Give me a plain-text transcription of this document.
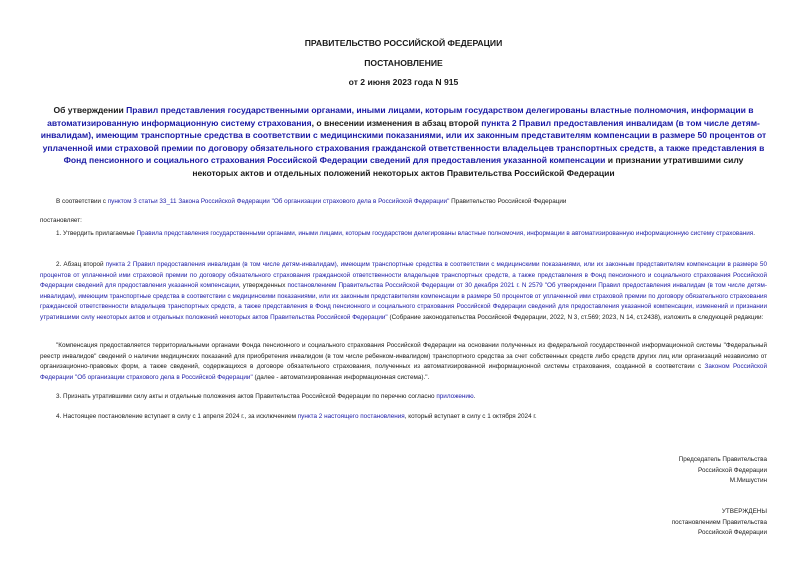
ПРАВИТЕЛЬСТВО РОССИЙСКОЙ ФЕДЕРАЦИИ
ПОСТАНОВЛЕНИЕ
от 2 июня 2023 года N 915
Об утверждении Правил представления государственными органами, иными лицами, которым государством делегированы властные полномочия, информации в автоматизированную информационную систему страхования, о внесении изменения в абзац второй пункта 2 Правил предоставления инвалидам (в том числе детям-инвалидам), имеющим транспортные средства в соответствии с медицинскими показаниями, или их законным представителям компенсации в размере 50 процентов от уплаченной ими страховой премии по договору обязательного страхования гражданской ответственности владельцев транспортных средств, а также представления в Фонд пенсионного и социального страхования Российской Федерации сведений для предоставления указанной компенсации и признании утратившими силу некоторых актов и отдельных положений некоторых актов Правительства Российской Федерации
В соответствии с пунктом 3 статьи 33_11 Закона Российской Федерации "Об организации страхового дела в Российской Федерации" Правительство Российской Федерации
постановляет:
1. Утвердить прилагаемые Правила представления государственными органами, иными лицами, которым государством делегированы властные полномочия, информации в автоматизированную информационную систему страхования.
2. Абзац второй пункта 2 Правил предоставления инвалидам (в том числе детям-инвалидам), имеющим транспортные средства в соответствии с медицинскими показаниями, или их законным представителям компенсации в размере 50 процентов от уплаченной ими страховой премии по договору обязательного страхования гражданской ответственности владельцев транспортных средств, а также представления в Фонд пенсионного и социального страхования Российской Федерации сведений для предоставления указанной компенсации, утвержденных постановлением Правительства Российской Федерации от 30 декабря 2021 г. N 2579 "Об утверждении Правил предоставления инвалидам (в том числе детям-инвалидам), имеющим транспортные средства в соответствии с медицинскими показаниями, или их законным представителям компенсации в размере 50 процентов от уплаченной ими страховой премии по договору обязательного страхования гражданской ответственности владельцев транспортных средств, а также представления в Фонд пенсионного и социального страхования Российской Федерации сведений для предоставления указанной компенсации, изменений и признании утратившими силу некоторых актов и отдельных положений некоторых актов Правительства Российской Федерации" (Собрание законодательства Российской Федерации, 2022, N 3, ст.569; 2023, N 14, ст.2438), изложить в следующей редакции:
"Компенсация предоставляется территориальными органами Фонда пенсионного и социального страхования Российской Федерации на основании полученных из федеральной государственной информационной системы "Федеральный реестр инвалидов" сведений о наличии медицинских показаний для приобретения инвалидом (в том числе ребенком-инвалидом) транспортного средства за счет собственных средств либо средств других лиц или организаций независимо от организационно-правовых форм, а также сведений, содержащихся в договоре обязательного страхования, полученных из автоматизированной информационной системы страхования, созданной в соответствии с Законом Российской Федерации "Об организации страхового дела в Российской Федерации" (далее - автоматизированная информационная система).".
3. Признать утратившими силу акты и отдельные положения актов Правительства Российской Федерации по перечню согласно приложению.
4. Настоящее постановление вступает в силу с 1 апреля 2024 г., за исключением пункта 2 настоящего постановления, который вступает в силу с 1 октября 2024 г.
Председатель Правительства
Российской Федерации
М.Мишустин
УТВЕРЖДЕНЫ
постановлением Правительства
Российской Федерации
